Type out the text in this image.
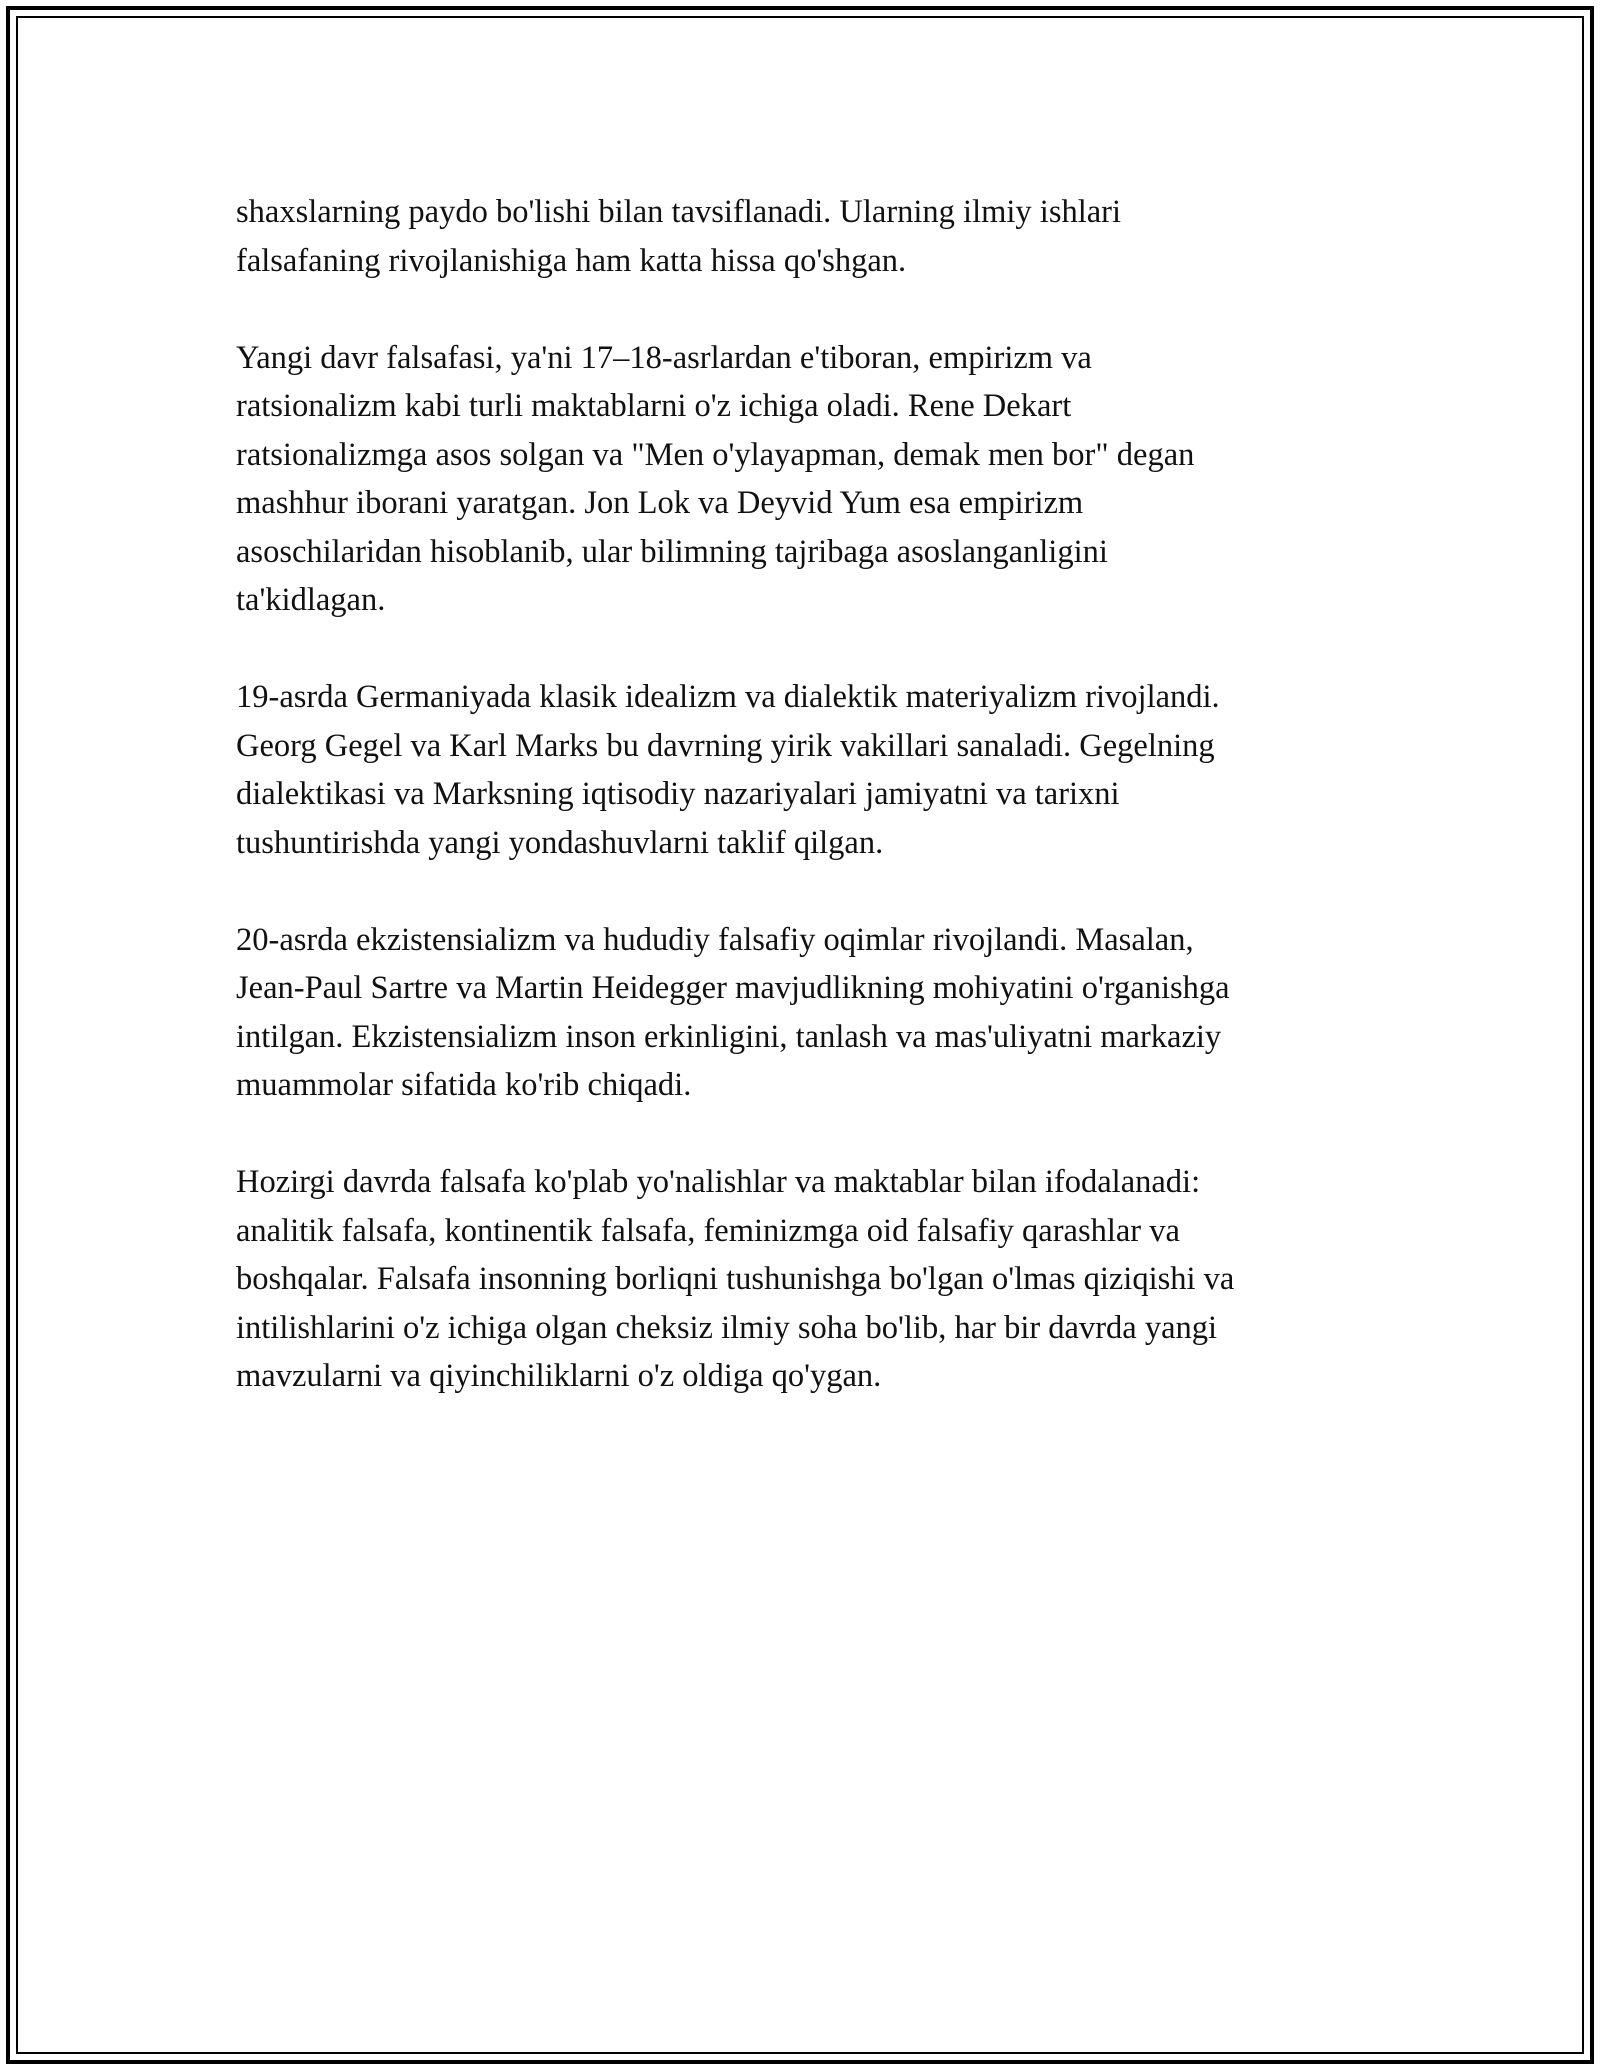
shaxslarning paydo bo'lishi bilan tavsiflanadi. Ularning ilmiy ishlari
falsafaning rivojlanishiga ham katta hissa qo'shgan.

Yangi davr falsafasi, ya'ni 17–18-asrlardan e'tiboran, empirizm va
ratsionalizm kabi turli maktablarni o'z ichiga oladi. Rene Dekart
ratsionalizmga asos solgan va "Men o'ylayapman, demak men bor" degan
mashhur iborani yaratgan. Jon Lok va Deyvid Yum esa empirizm
asoschilaridan hisoblanib, ular bilimning tajribaga asoslanganligini
ta'kidlagan.

19-asrda Germaniyada klasik idealizm va dialektik materiyalizm rivojlandi.
Georg Gegel va Karl Marks bu davrning yirik vakillari sanaladi. Gegelning
dialektikasi va Marksning iqtisodiy nazariyalari jamiyatni va tarixni
tushuntirishda yangi yondashuvlarni taklif qilgan.

20-asrda ekzistensializm va hududiy falsafiy oqimlar rivojlandi. Masalan,
Jean-Paul Sartre va Martin Heidegger mavjudlikning mohiyatini o'rganishga
intilgan. Ekzistensializm inson erkinligini, tanlash va mas'uliyatni markaziy
muammolar sifatida ko'rib chiqadi.

Hozirgi davrda falsafa ko'plab yo'nalishlar va maktablar bilan ifodalanadi:
analitik falsafa, kontinentik falsafa, feminizmga oid falsafiy qarashlar va
boshqalar. Falsafa insonning borliqni tushunishga bo'lgan o'lmas qiziqishi va
intilishlarini o'z ichiga olgan cheksiz ilmiy soha bo'lib, har bir davrda yangi
mavzularni va qiyinchiliklarni o'z oldiga qo'ygan.
